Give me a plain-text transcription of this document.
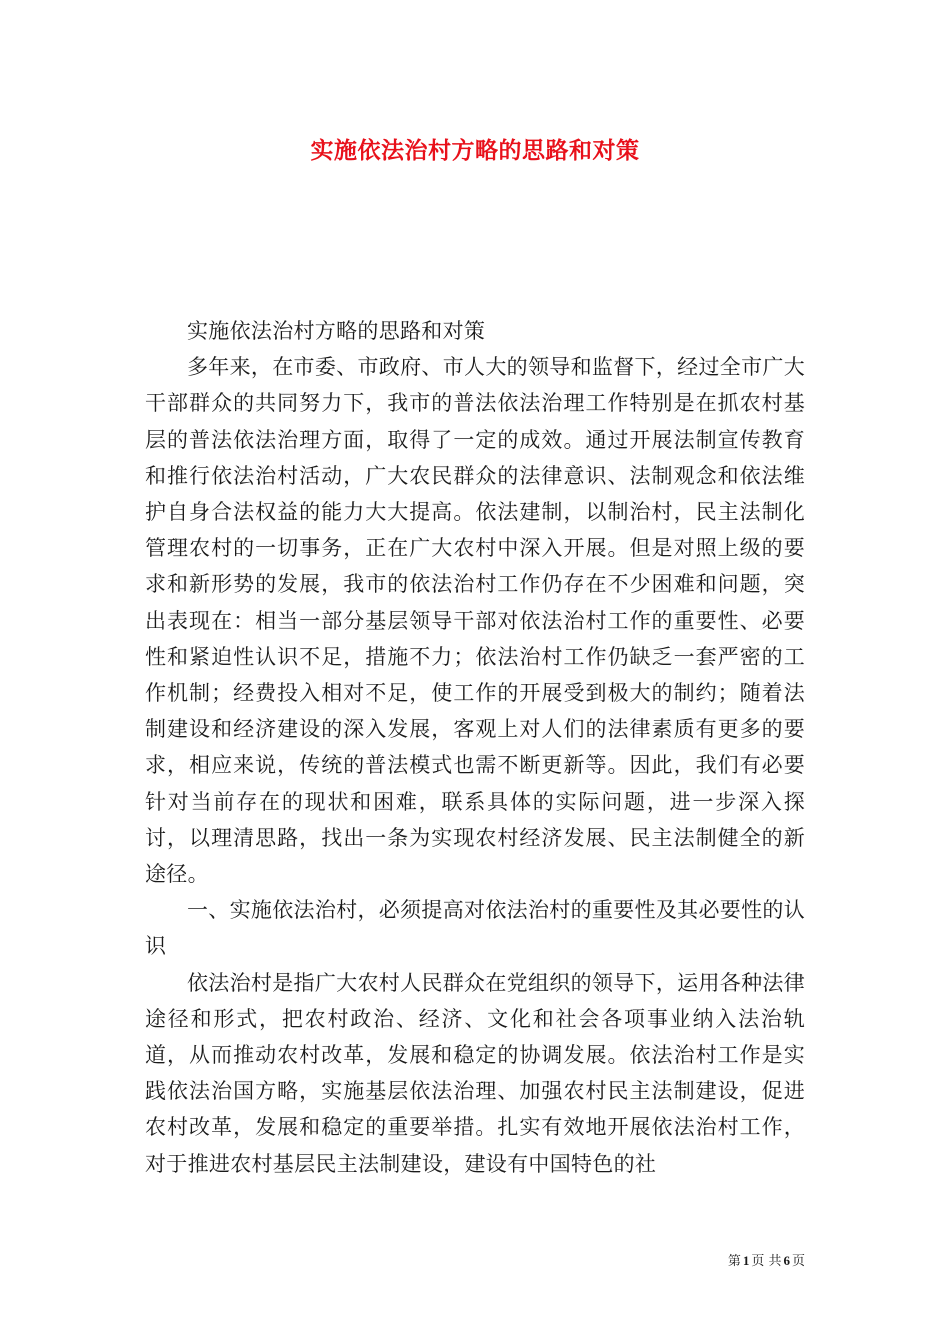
实施依法治村方略的思路和对策

实施依法治村方略的思路和对策

多年来，在市委、市政府、市人大的领导和监督下，经过全市广大干部群众的共同努力下，我市的普法依法治理工作特别是在抓农村基层的普法依法治理方面，取得了一定的成效。通过开展法制宣传教育和推行依法治村活动，广大农民群众的法律意识、法制观念和依法维护自身合法权益的能力大大提高。依法建制，以制治村，民主法制化管理农村的一切事务，正在广大农村中深入开展。但是对照上级的要求和新形势的发展，我市的依法治村工作仍存在不少困难和问题，突出表现在：相当一部分基层领导干部对依法治村工作的重要性、必要性和紧迫性认识不足，措施不力；依法治村工作仍缺乏一套严密的工作机制；经费投入相对不足，使工作的开展受到极大的制约；随着法制建设和经济建设的深入发展，客观上对人们的法律素质有更多的要求，相应来说，传统的普法模式也需不断更新等。因此，我们有必要针对当前存在的现状和困难，联系具体的实际问题，进一步深入探讨，以理清思路，找出一条为实现农村经济发展、民主法制健全的新途径。

一、实施依法治村，必须提高对依法治村的重要性及其必要性的认识

依法治村是指广大农村人民群众在党组织的领导下，运用各种法律途径和形式，把农村政治、经济、文化和社会各项事业纳入法治轨道，从而推动农村改革，发展和稳定的协调发展。依法治村工作是实践依法治国方略，实施基层依法治理、加强农村民主法制建设，促进农村改革，发展和稳定的重要举措。扎实有效地开展依法治村工作，对于推进农村基层民主法制建设，建设有中国特色的社

第 1 页 共 6 页
